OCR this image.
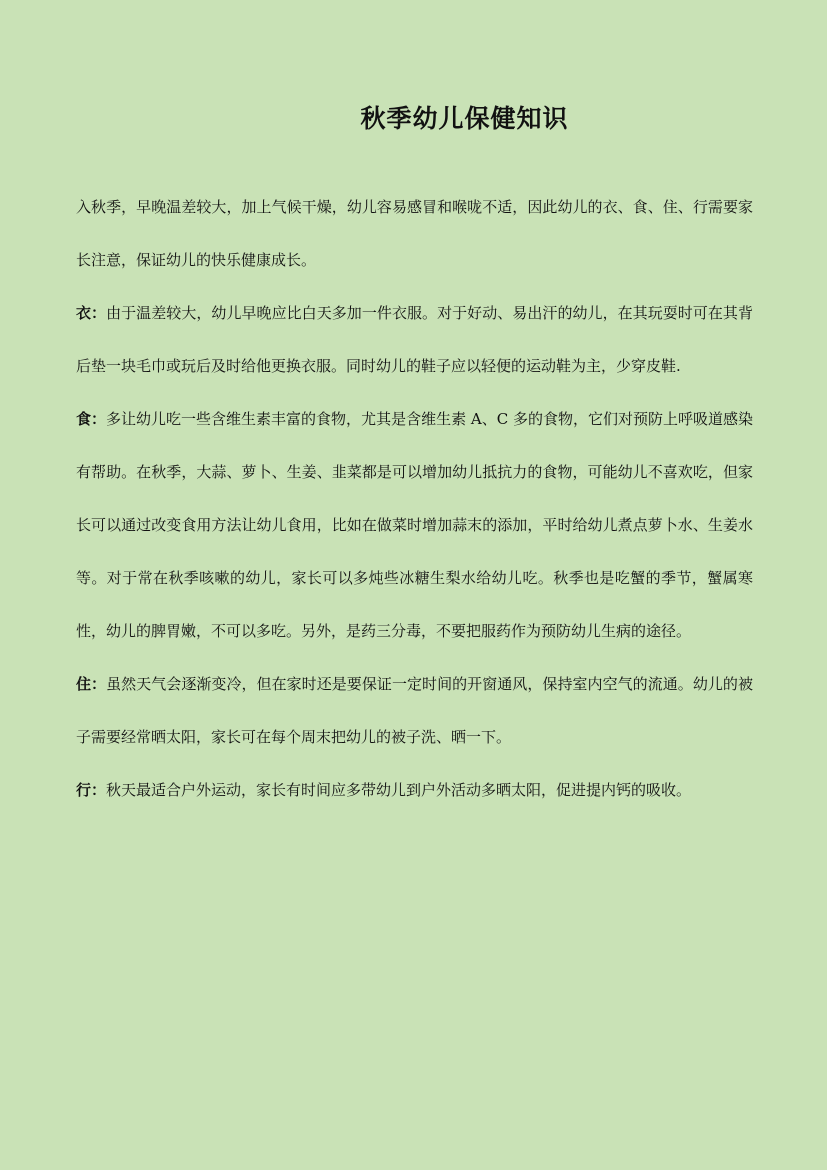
秋季幼儿保健知识

入秋季，早晚温差较大，加上气候干燥，幼儿容易感冒和喉咙不适，因此幼儿的衣、食、住、行需要家长注意，保证幼儿的快乐健康成长。

衣：由于温差较大，幼儿早晚应比白天多加一件衣服。对于好动、易出汗的幼儿，在其玩耍时可在其背后垫一块毛巾或玩后及时给他更换衣服。同时幼儿的鞋子应以轻便的运动鞋为主，少穿皮鞋.

食：多让幼儿吃一些含维生素丰富的食物，尤其是含维生素 A、C 多的食物，它们对预防上呼吸道感染有帮助。在秋季，大蒜、萝卜、生姜、韭菜都是可以增加幼儿抵抗力的食物，可能幼儿不喜欢吃，但家长可以通过改变食用方法让幼儿食用，比如在做菜时增加蒜末的添加，平时给幼儿煮点萝卜水、生姜水等。对于常在秋季咳嗽的幼儿，家长可以多炖些冰糖生梨水给幼儿吃。秋季也是吃蟹的季节，蟹属寒性，幼儿的脾胃嫩，不可以多吃。另外，是药三分毒，不要把服药作为预防幼儿生病的途径。

住：虽然天气会逐渐变冷，但在家时还是要保证一定时间的开窗通风，保持室内空气的流通。幼儿的被子需要经常晒太阳，家长可在每个周末把幼儿的被子洗、晒一下。

行：秋天最适合户外运动，家长有时间应多带幼儿到户外活动多晒太阳，促进提内钙的吸收。
